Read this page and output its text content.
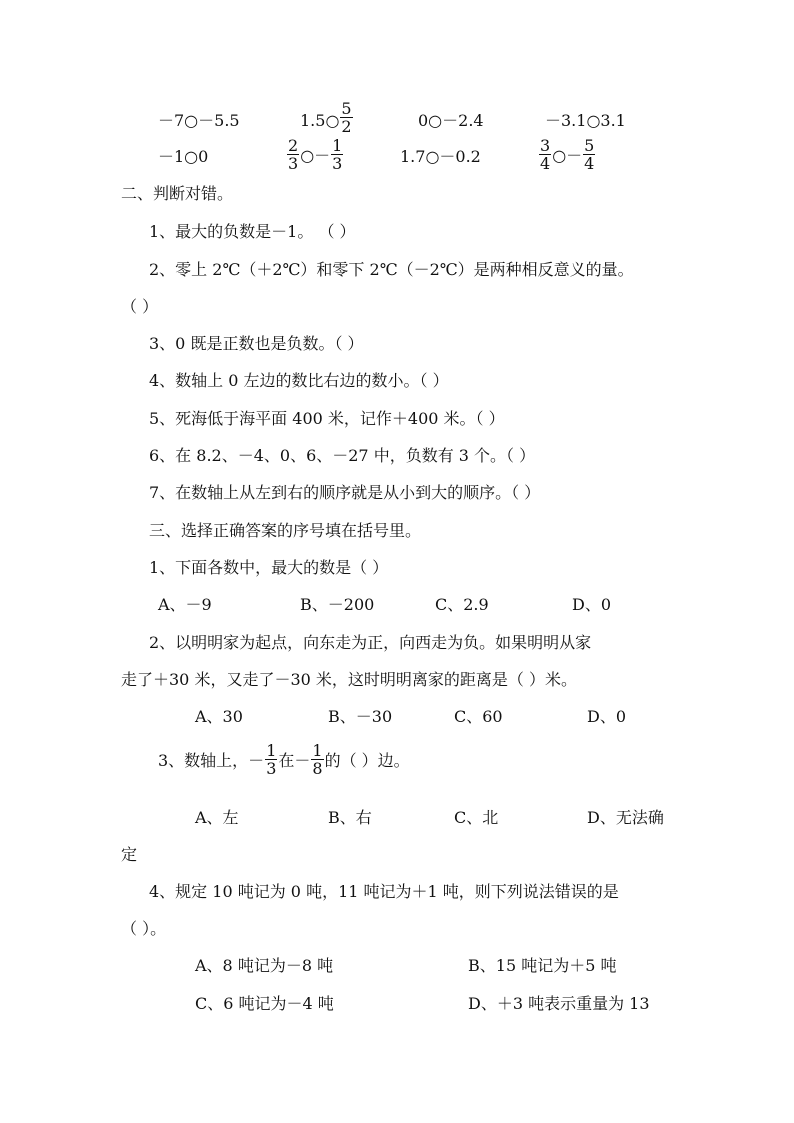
－7○－5.5	1.5○ $\frac{5}{2}$	0○－2.4	－3.1○3.1
－1○0	$\frac{2}{3}$ ○－ $\frac{1}{3}$	1.7○－0.2	$\frac{3}{4}$ ○－ $\frac{5}{4}$
二、判断对错。
1、最大的负数是－1。 （ ）
2、零上 2℃（＋2℃）和零下 2℃（－2℃）是两种相反意义的量。
（ ）
3、0 既是正数也是负数。（ ）
4、数轴上 0 左边的数比右边的数小。（ ）
5、死海低于海平面 400 米，记作＋400 米。（ ）
6、在 8.2、－4、0、6、－27 中，负数有 3 个。（ ）
7、在数轴上从左到右的顺序就是从小到大的顺序。（ ）
三、选择正确答案的序号填在括号里。
1、下面各数中，最大的数是（ ）
A、－9	B、－200	C、2.9	D、0
2、以明明家为起点，向东走为正，向西走为负。如果明明从家
走了＋30 米，又走了－30 米，这时明明离家的距离是（ ）米。
A、30	B、－30	C、60	D、0
3、数轴上，－ $\frac{1}{3}$ 在－ $\frac{1}{8}$ 的（ ）边。
A、左	B、右	C、北	D、无法确
定
4、规定 10 吨记为 0 吨，11 吨记为＋1 吨，则下列说法错误的是
（ ）。
A、8 吨记为－8 吨	B、15 吨记为＋5 吨
C、6 吨记为－4 吨	D、＋3 吨表示重量为 13
